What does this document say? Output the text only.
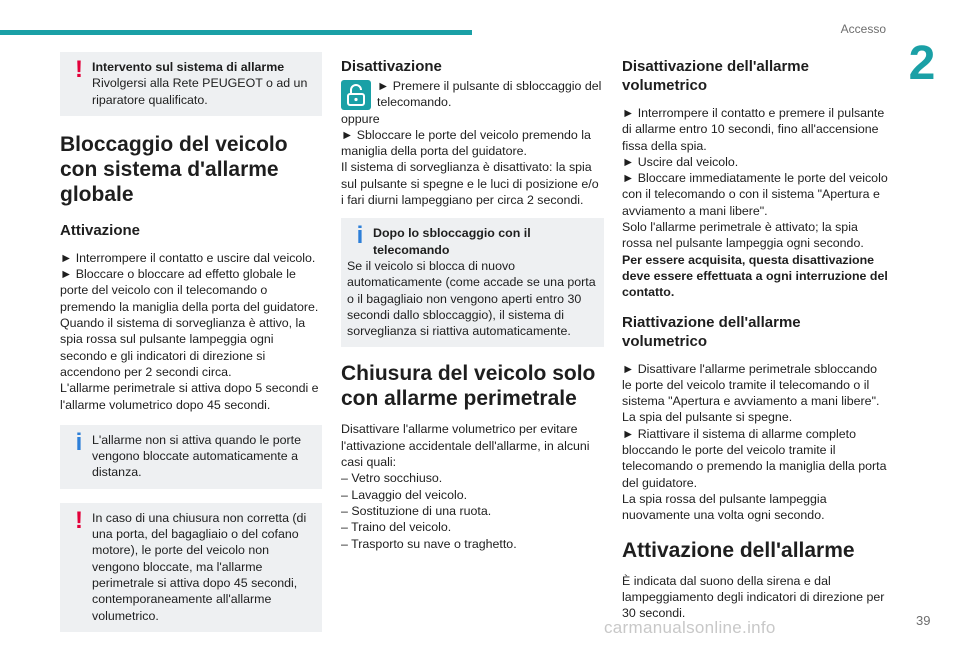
Accesso
2
! Intervento sul sistema di allarme
Rivolgersi alla Rete PEUGEOT o ad un riparatore qualificato.
Bloccaggio del veicolo con sistema d'allarme globale
Attivazione

► Interrompere il contatto e uscire dal veicolo.

► Bloccare o bloccare ad effetto globale le porte del veicolo con il telecomando o premendo la maniglia della porta del guidatore.

Quando il sistema di sorveglianza è attivo, la spia rossa sul pulsante lampeggia ogni secondo e gli indicatori di direzione si accendono per 2 secondi circa.

L'allarme perimetrale si attiva dopo 5 secondi e l'allarme volumetrico dopo 45 secondi.

i L'allarme non si attiva quando le porte vengono bloccate automaticamente a distanza.
! In caso di una chiusura non corretta (di una porta, del bagagliaio o del cofano motore), le porte del veicolo non vengono bloccate, ma l'allarme perimetrale si attiva dopo 45 secondi, contemporaneamente all'allarme volumetrico.
Disattivazione
► Premere il pulsante di sbloccaggio del telecomando.

oppure

► Sbloccare le porte del veicolo premendo la maniglia della porta del guidatore.

Il sistema di sorveglianza è disattivato: la spia sul pulsante si spegne e le luci di posizione e/o i fari diurni lampeggiano per circa 2 secondi.

i Dopo lo sbloccaggio con il telecomando
Se il veicolo si blocca di nuovo automaticamente (come accade se una porta o il bagagliaio non vengono aperti entro 30 secondi dallo sbloccaggio), il sistema di sorveglianza si riattiva automaticamente.
Chiusura del veicolo solo con allarme perimetrale

Disattivare l'allarme volumetrico per evitare l'attivazione accidentale dell'allarme, in alcuni casi quali:

– Vetro socchiuso.

– Lavaggio del veicolo.

– Sostituzione di una ruota.

– Traino del veicolo.

– Trasporto su nave o traghetto.

Disattivazione dell'allarme volumetrico

► Interrompere il contatto e premere il pulsante di allarme entro 10 secondi, fino all'accensione fissa della spia.

► Uscire dal veicolo.

► Bloccare immediatamente le porte del veicolo con il telecomando o con il sistema "Apertura e avviamento a mani libere".

Solo l'allarme perimetrale è attivato; la spia rossa nel pulsante lampeggia ogni secondo.

Per essere acquisita, questa disattivazione deve essere effettuata a ogni interruzione del contatto.

Riattivazione dell'allarme volumetrico

► Disattivare l'allarme perimetrale sbloccando le porte del veicolo tramite il telecomando o il sistema "Apertura e avviamento a mani libere".

La spia del pulsante si spegne.

► Riattivare il sistema di allarme completo bloccando le porte del veicolo tramite il telecomando o premendo la maniglia della porta del guidatore.

La spia rossa del pulsante lampeggia nuovamente una volta ogni secondo.

Attivazione dell'allarme

È indicata dal suono della sirena e dal lampeggiamento degli indicatori di direzione per 30 secondi.

carmanualsonline.info	39
